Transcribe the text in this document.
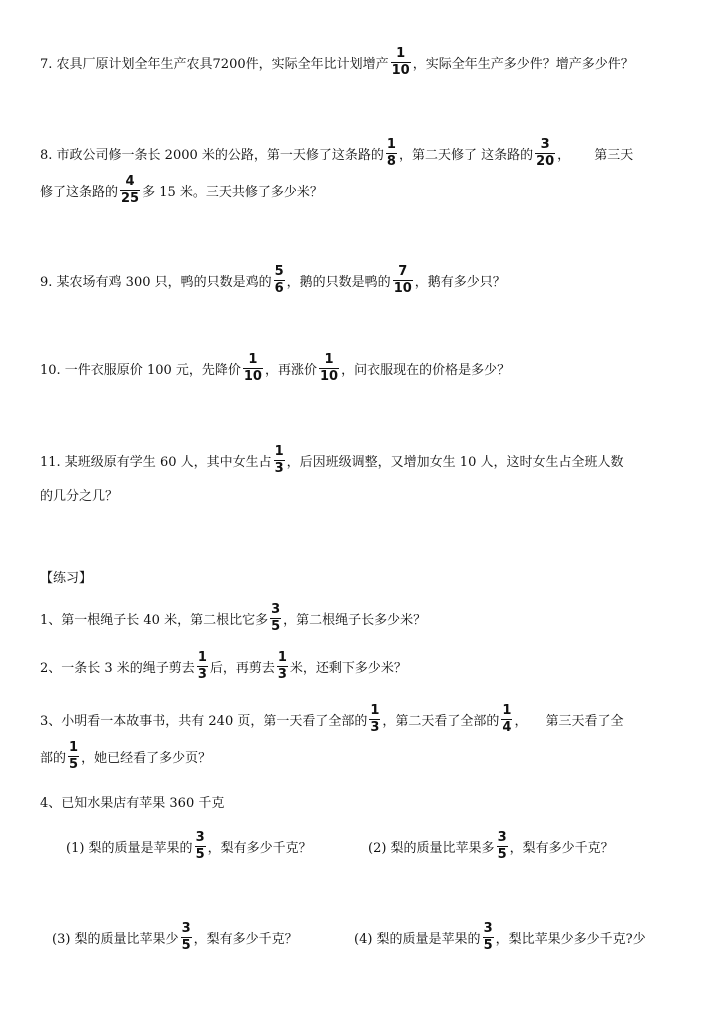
7. 农具厂原计划全年生产农具7200件，实际全年比计划增产 $\frac{1}{10}$ ，实际全年生产多少件？增产多少件？
8. 市政公司修一条长 2000 米的公路，第一天修了这条路的 $\frac{1}{8}$ ，第二天修了 这条路的 $\frac{3}{20}$ ， 第三天
修了这条路的 $\frac{4}{25}$ 多 15 米。三天共修了多少米？
9. 某农场有鸡 300 只，鸭的只数是鸡的 $\frac{5}{6}$ ，鹅的只数是鸭的 $\frac{7}{10}$ ，鹅有多少只？
10. 一件衣服原价 100 元，先降价 $\frac{1}{10}$ ，再涨价 $\frac{1}{10}$ ，问衣服现在的价格是多少？
11. 某班级原有学生 60 人，其中女生占 $\frac{1}{3}$ ，后因班级调整，又增加女生 10 人，这时女生占全班人数
的几分之几？
【练习】
1、第一根绳子长 40 米，第二根比它多 $\frac{3}{5}$ ，第二根绳子长多少米？
2、一条长 3 米的绳子剪去 $\frac{1}{3}$ 后，再剪去 $\frac{1}{3}$ 米，还剩下多少米？
3、小明看一本故事书，共有 240 页，第一天看了全部的 $\frac{1}{3}$ ，第二天看了全部的 $\frac{1}{4}$ ， 第三天看了全
部的 $\frac{1}{5}$ ，她已经看了多少页？
4、已知水果店有苹果 360 千克
(1) 梨的质量是苹果的 $\frac{3}{5}$ ，梨有多少千克？	(2) 梨的质量比苹果多 $\frac{3}{5}$ ，梨有多少千克？
(3) 梨的质量比苹果少 $\frac{3}{5}$ ，梨有多少千克？	(4) 梨的质量是苹果的 $\frac{3}{5}$ ，梨比苹果少多少千克?少
